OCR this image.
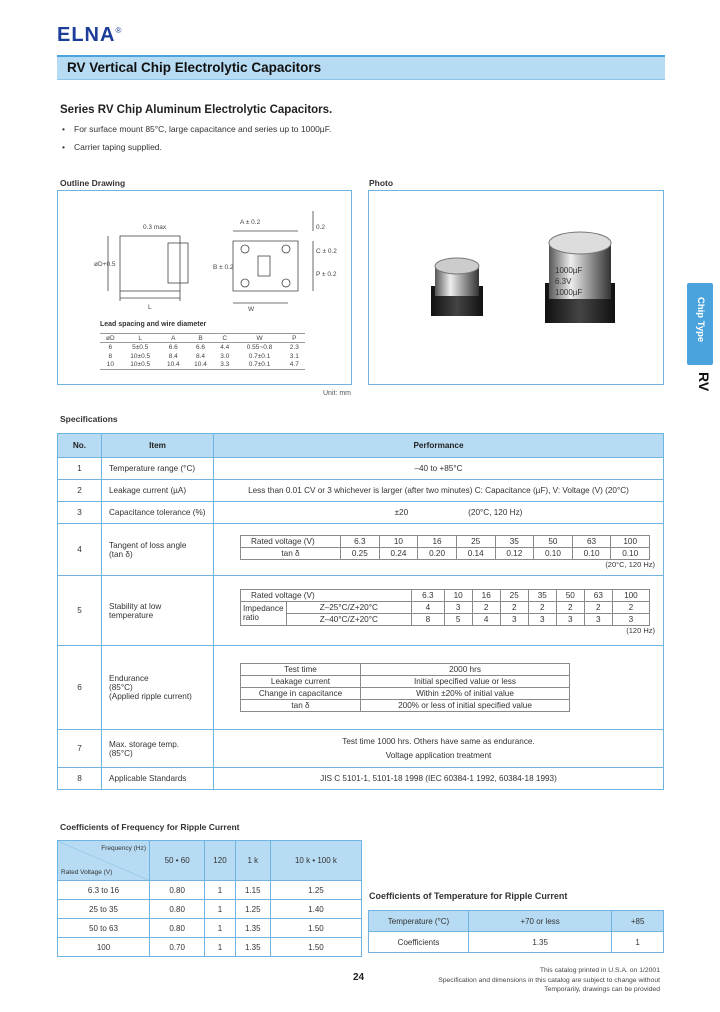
ELNA®
RV Vertical Chip Electrolytic Capacitors
Series RV Chip Aluminum Electrolytic Capacitors.
• For surface mount 85°C, large capacitance and series up to 1000µF.
• Carrier taping supplied.
Outline Drawing	Photo
0.3 max
A ± 0.2
L	W
B ± 0.2
C ± 0.2
P ± 0.2
0.2
øD+0.5
Lead spacing and wire diameter
øD	L	A	B	C	W	P
6	5±0.5	6.6	6.6	4.4	0.55~0.8	2.3
8	10±0.5	8.4	8.4	3.0	0.7±0.1	3.1
10	10±0.5	10.4	10.4	3.3	0.7±0.1	4.7
Unit: mm
1000µF
6.3V
1000µF
Chip Type
RV
Specifications
No.	Item	Performance
1	Temperature range (°C)	–40 to +85°C
2	Leakage current (µA)	Less than 0.01 CV or 3 whichever is larger (after two minutes) C: Capacitance (µF), V: Voltage (V) (20°C)
3	Capacitance tolerance (%)	±20	(20°C, 120 Hz)
4	Tangent of loss angle
(tan δ)

Rated voltage (V)	6.3	10	16	25	35	50	63	100
tan δ	0.25	0.24	0.20	0.14	0.12	0.10	0.10	0.10
(20°C, 120 Hz)

5	Stability at low
temperature

Rated voltage (V)	6.3	10	16	25	35	50	63	100

Impedance
ratio
	Z–25°C/Z+20°C	4	3	2	2	2	2	2	2
Z–40°C/Z+20°C	8	5	4	3	3	3	3	3
(120 Hz)

6	
Endurance
(85°C)
(Applied ripple current)

Test time	2000 hrs
Leakage current	Initial specified value or less
Change in capacitance	Within ±20% of initial value
tan δ	200% or less of initial specified value

7	Max. storage temp.
(85°C)

Test time 1000 hrs. Others have same as endurance.
Voltage application treatment

8	Applicable Standards	JIS C 5101-1, 5101-18 1998 (IEC 60384-1 1992, 60384-18 1993)
Coefficients of Frequency for Ripple Current
Frequency (Hz)
Rated Voltage (V)	50 • 60	120	1 k	10 k • 100 k
6.3 to 16	0.80	1	1.15	1.25
25 to 35	0.80	1	1.25	1.40
50 to 63	0.80	1	1.35	1.50
100	0.70	1	1.35	1.50
Coefficients of Temperature for Ripple Current
Temperature (°C)	+70 or less	+85
Coefficients	1.35	1
24
This catalog printed in U.S.A. on 1/2001
Specification and dimensions in this catalog are subject to change without
Temporarily, drawings can be provided
